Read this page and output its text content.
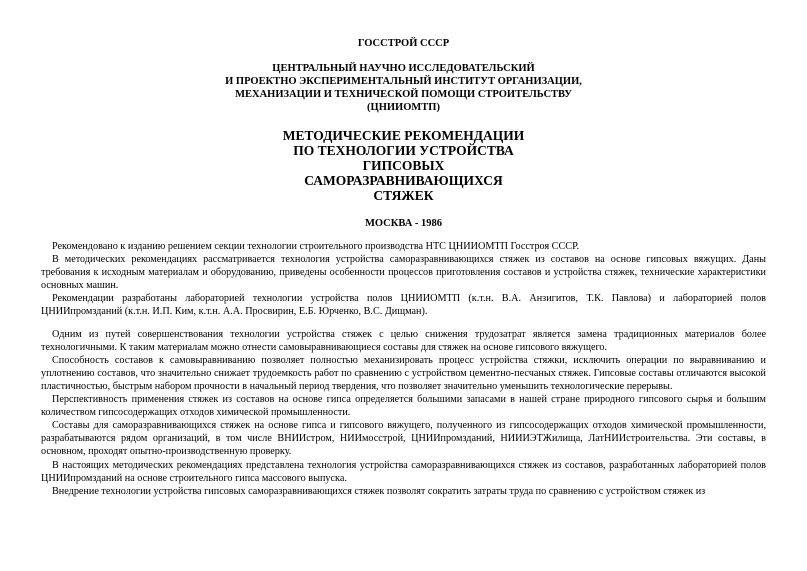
ГОССТРОЙ СССР
ЦЕНТРАЛЬНЫЙ НАУЧНО ИССЛЕДОВАТЕЛЬСКИЙ
И ПРОЕКТНО ЭКСПЕРИМЕНТАЛЬНЫЙ ИНСТИТУТ ОРГАНИЗАЦИИ,
МЕХАНИЗАЦИИ И ТЕХНИЧЕСКОЙ ПОМОЩИ СТРОИТЕЛЬСТВУ
(ЦНИИОМТП)
МЕТОДИЧЕСКИЕ РЕКОМЕНДАЦИИ
ПО ТЕХНОЛОГИИ УСТРОЙСТВА
ГИПСОВЫХ
САМОРАЗРАВНИВАЮЩИХСЯ
СТЯЖЕК
МОСКВА - 1986

Рекомендовано к изданию решением секции технологии строительного производства НТС ЦНИИОМТП Госстроя СССР.

В методических рекомендациях рассматривается технология устройства саморазравнивающихся стяжек из составов на основе гипсовых вяжущих. Даны требования к исходным материалам и оборудованию, приведены особенности процессов приготовления составов и устройства стяжек, технические характеристики основных машин.

Рекомендации разработаны лабораторией технологии устройства полов ЦНИИОМТП (к.т.н. В.А. Анзигитов, Т.К. Павлова) и лабораторией полов ЦНИИпромзданий (к.т.н. И.П. Ким, к.т.н. А.А. Просвирин, Е.Б. Юрченко, В.С. Дищман).

Одним из путей совершенствования технологии устройства стяжек с целью снижения трудозатрат является замена традиционных материалов более технологичными. К таким материалам можно отнести самовыравнивающиеся составы для стяжек на основе гипсового вяжущего.

Способность составов к самовыравниванию позволяет полностью механизировать процесс устройства стяжки, исключить операции по выравниванию и уплотнению составов, что значительно снижает трудоемкость работ по сравнению с устройством цементно-песчаных стяжек. Гипсовые составы отличаются высокой пластичностью, быстрым набором прочности в начальный период твердения, что позволяет значительно уменьшить технологические перерывы.

Перспективность применения стяжек из составов на основе гипса определяется большими запасами в нашей стране природного гипсового сырья и большим количеством гипсосодержащих отходов химической промышленности.

Составы для саморазравнивающихся стяжек на основе гипса и гипсового вяжущего, полученного из гипсосодержащих отходов химической промышленности, разрабатываются рядом организаций, в том числе ВНИИстром, НИИмосстрой, ЦНИИпромзданий, НИИИЭТЖилища, ЛатНИИстроительства. Эти составы, в основном, проходят опытно-производственную проверку.

В настоящих методических рекомендациях представлена технология устройства саморазравнивающихся стяжек из составов, разработанных лабораторией полов ЦНИИпромзданий на основе строительного гипса массового выпуска.

Внедрение технологии устройства гипсовых саморазравнивающихся стяжек позволят сократить затраты труда по сравнению с устройством стяжек из
